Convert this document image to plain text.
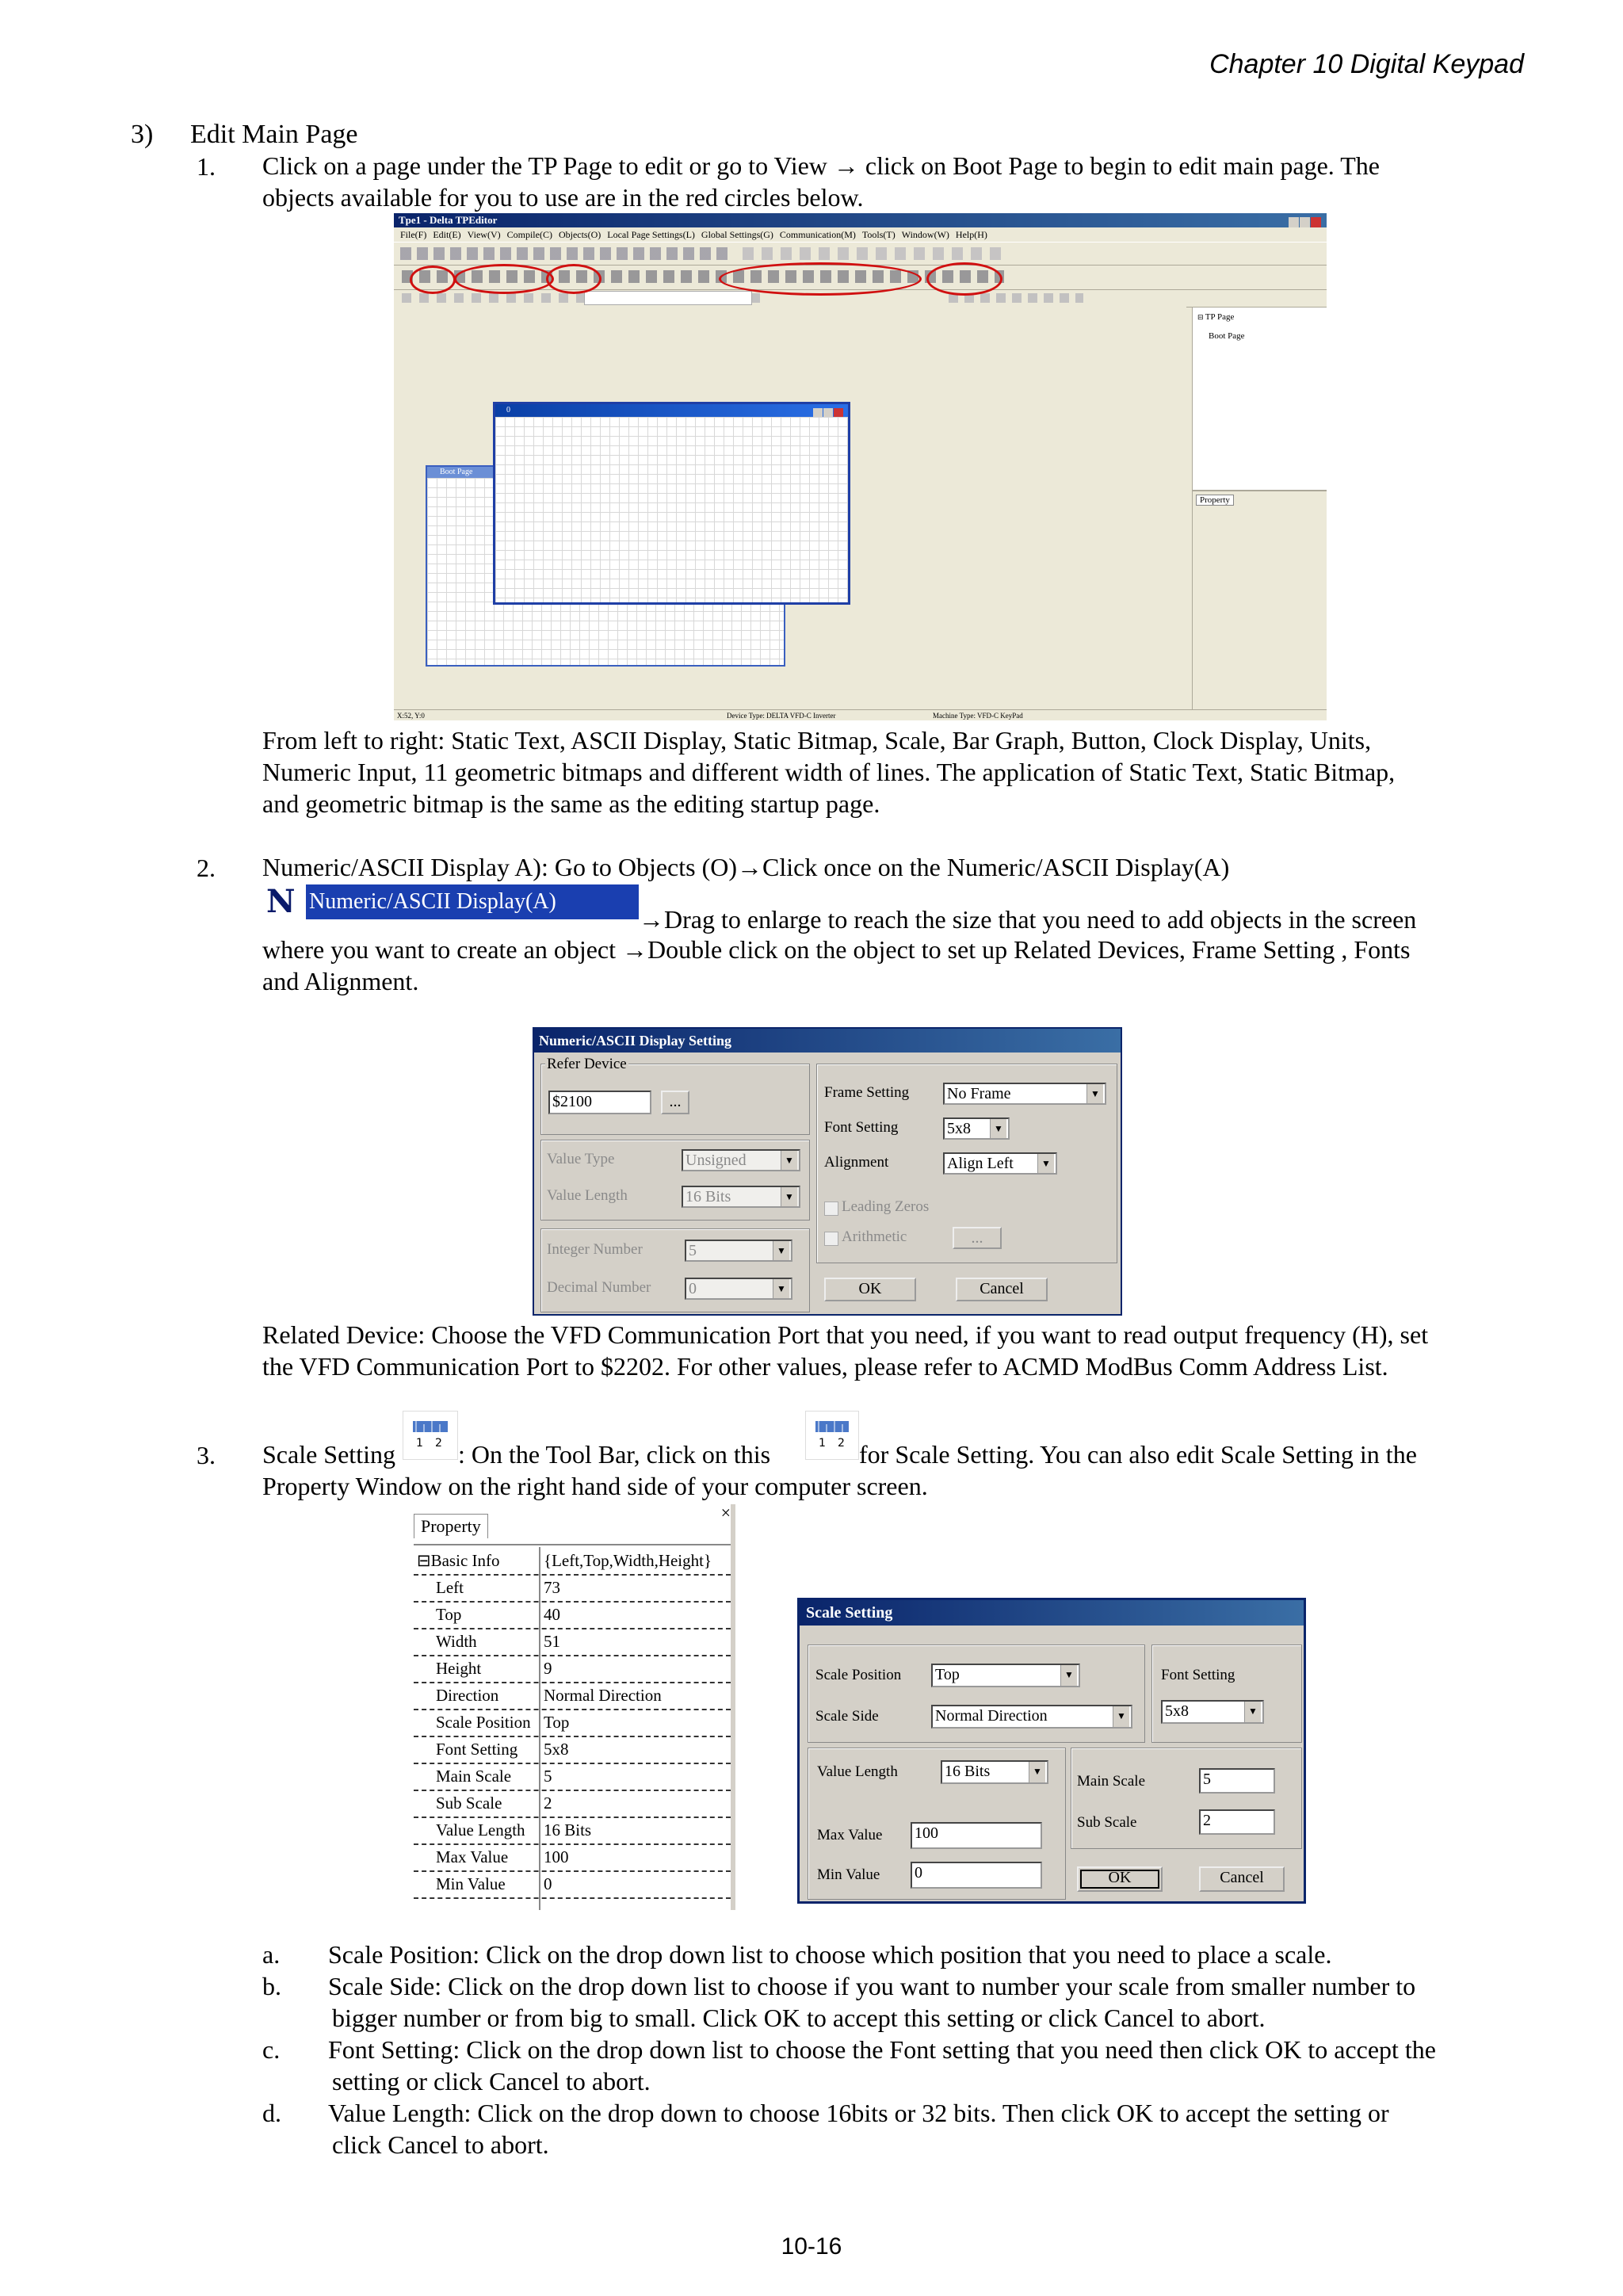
Chapter 10 Digital Keypad
10-16
3) Edit Main Page
1. Click on a page under the TP Page to edit or go to View → click on Boot Page to begin to edit main page. The
objects available for you to use are in the red circles below.
Tpe1 - Delta TPEditor
File(F) Edit(E) View(V) Compile(C) Objects(O) Local Page Settings(L) Global Settings(G) Communication(M) Tools(T) Window(W) Help(H)
Boot Page
0
⊟ TP Page
Boot Page
Property
X:52, Y:0	Device Type: DELTA VFD-C Inverter	Machine Type: VFD-C KeyPad
From left to right: Static Text, ASCII Display, Static Bitmap, Scale, Bar Graph, Button, Clock Display, Units,
Numeric Input, 11 geometric bitmaps and different width of lines. The application of Static Text, Static Bitmap,
and geometric bitmap is the same as the editing startup page.
2. Numeric/ASCII Display A): Go to Objects (O)→Click once on the Numeric/ASCII Display(A)
N Numeric/ASCII Display(A)
→Drag to enlarge to reach the size that you need to add objects in the screen
where you want to create an object →Double click on the object to set up Related Devices, Frame Setting , Fonts
and Alignment.
Numeric/ASCII Display Setting
Refer Device
$2100	...
Value Type	Unsigned ▼
Value Length	16 Bits ▼
Integer Number	5 ▼
Decimal Number 0 ▼
Frame Setting No Frame ▼
Font Setting	5x8 ▼
Alignment	Align Left ▼
Leading Zeros
Arithmetic	...
OK	Cancel
Related Device: Choose the VFD Communication Port that you need, if you want to read output frequency (H), set
the VFD Communication Port to $2202. For other values, please refer to ACMD ModBus Comm Address List.
3. Scale Setting 1 2 : On the Tool Bar, click on this	1 2 for Scale Setting. You can also edit Scale Setting in the
Property Window on the right hand side of your computer screen.
×
Property
⊟Basic Info	{Left,Top,Width,Height}
Left	73
Top	40
Width	51
Height	9
Direction	Normal Direction
Scale Position Top
Font Setting 5x8
Main Scale 5
Sub Scale	2
Value Length 16 Bits
Max Value 100
Min Value 0
Scale Setting
Scale Position Top ▼
Scale Side	Normal Direction ▼
Font Setting
5x8 ▼
Value Length	16 Bits ▼
Max Value 100
Min Value 0
Main Scale	5
Sub Scale	2
OK	Cancel
a. Scale Position: Click on the drop down list to choose which position that you need to place a scale.
b. Scale Side: Click on the drop down list to choose if you want to number your scale from smaller number to
bigger number or from big to small. Click OK to accept this setting or click Cancel to abort.
c. Font Setting: Click on the drop down list to choose the Font setting that you need then click OK to accept the
setting or click Cancel to abort.
d. Value Length: Click on the drop down to choose 16bits or 32 bits. Then click OK to accept the setting or
click Cancel to abort.
